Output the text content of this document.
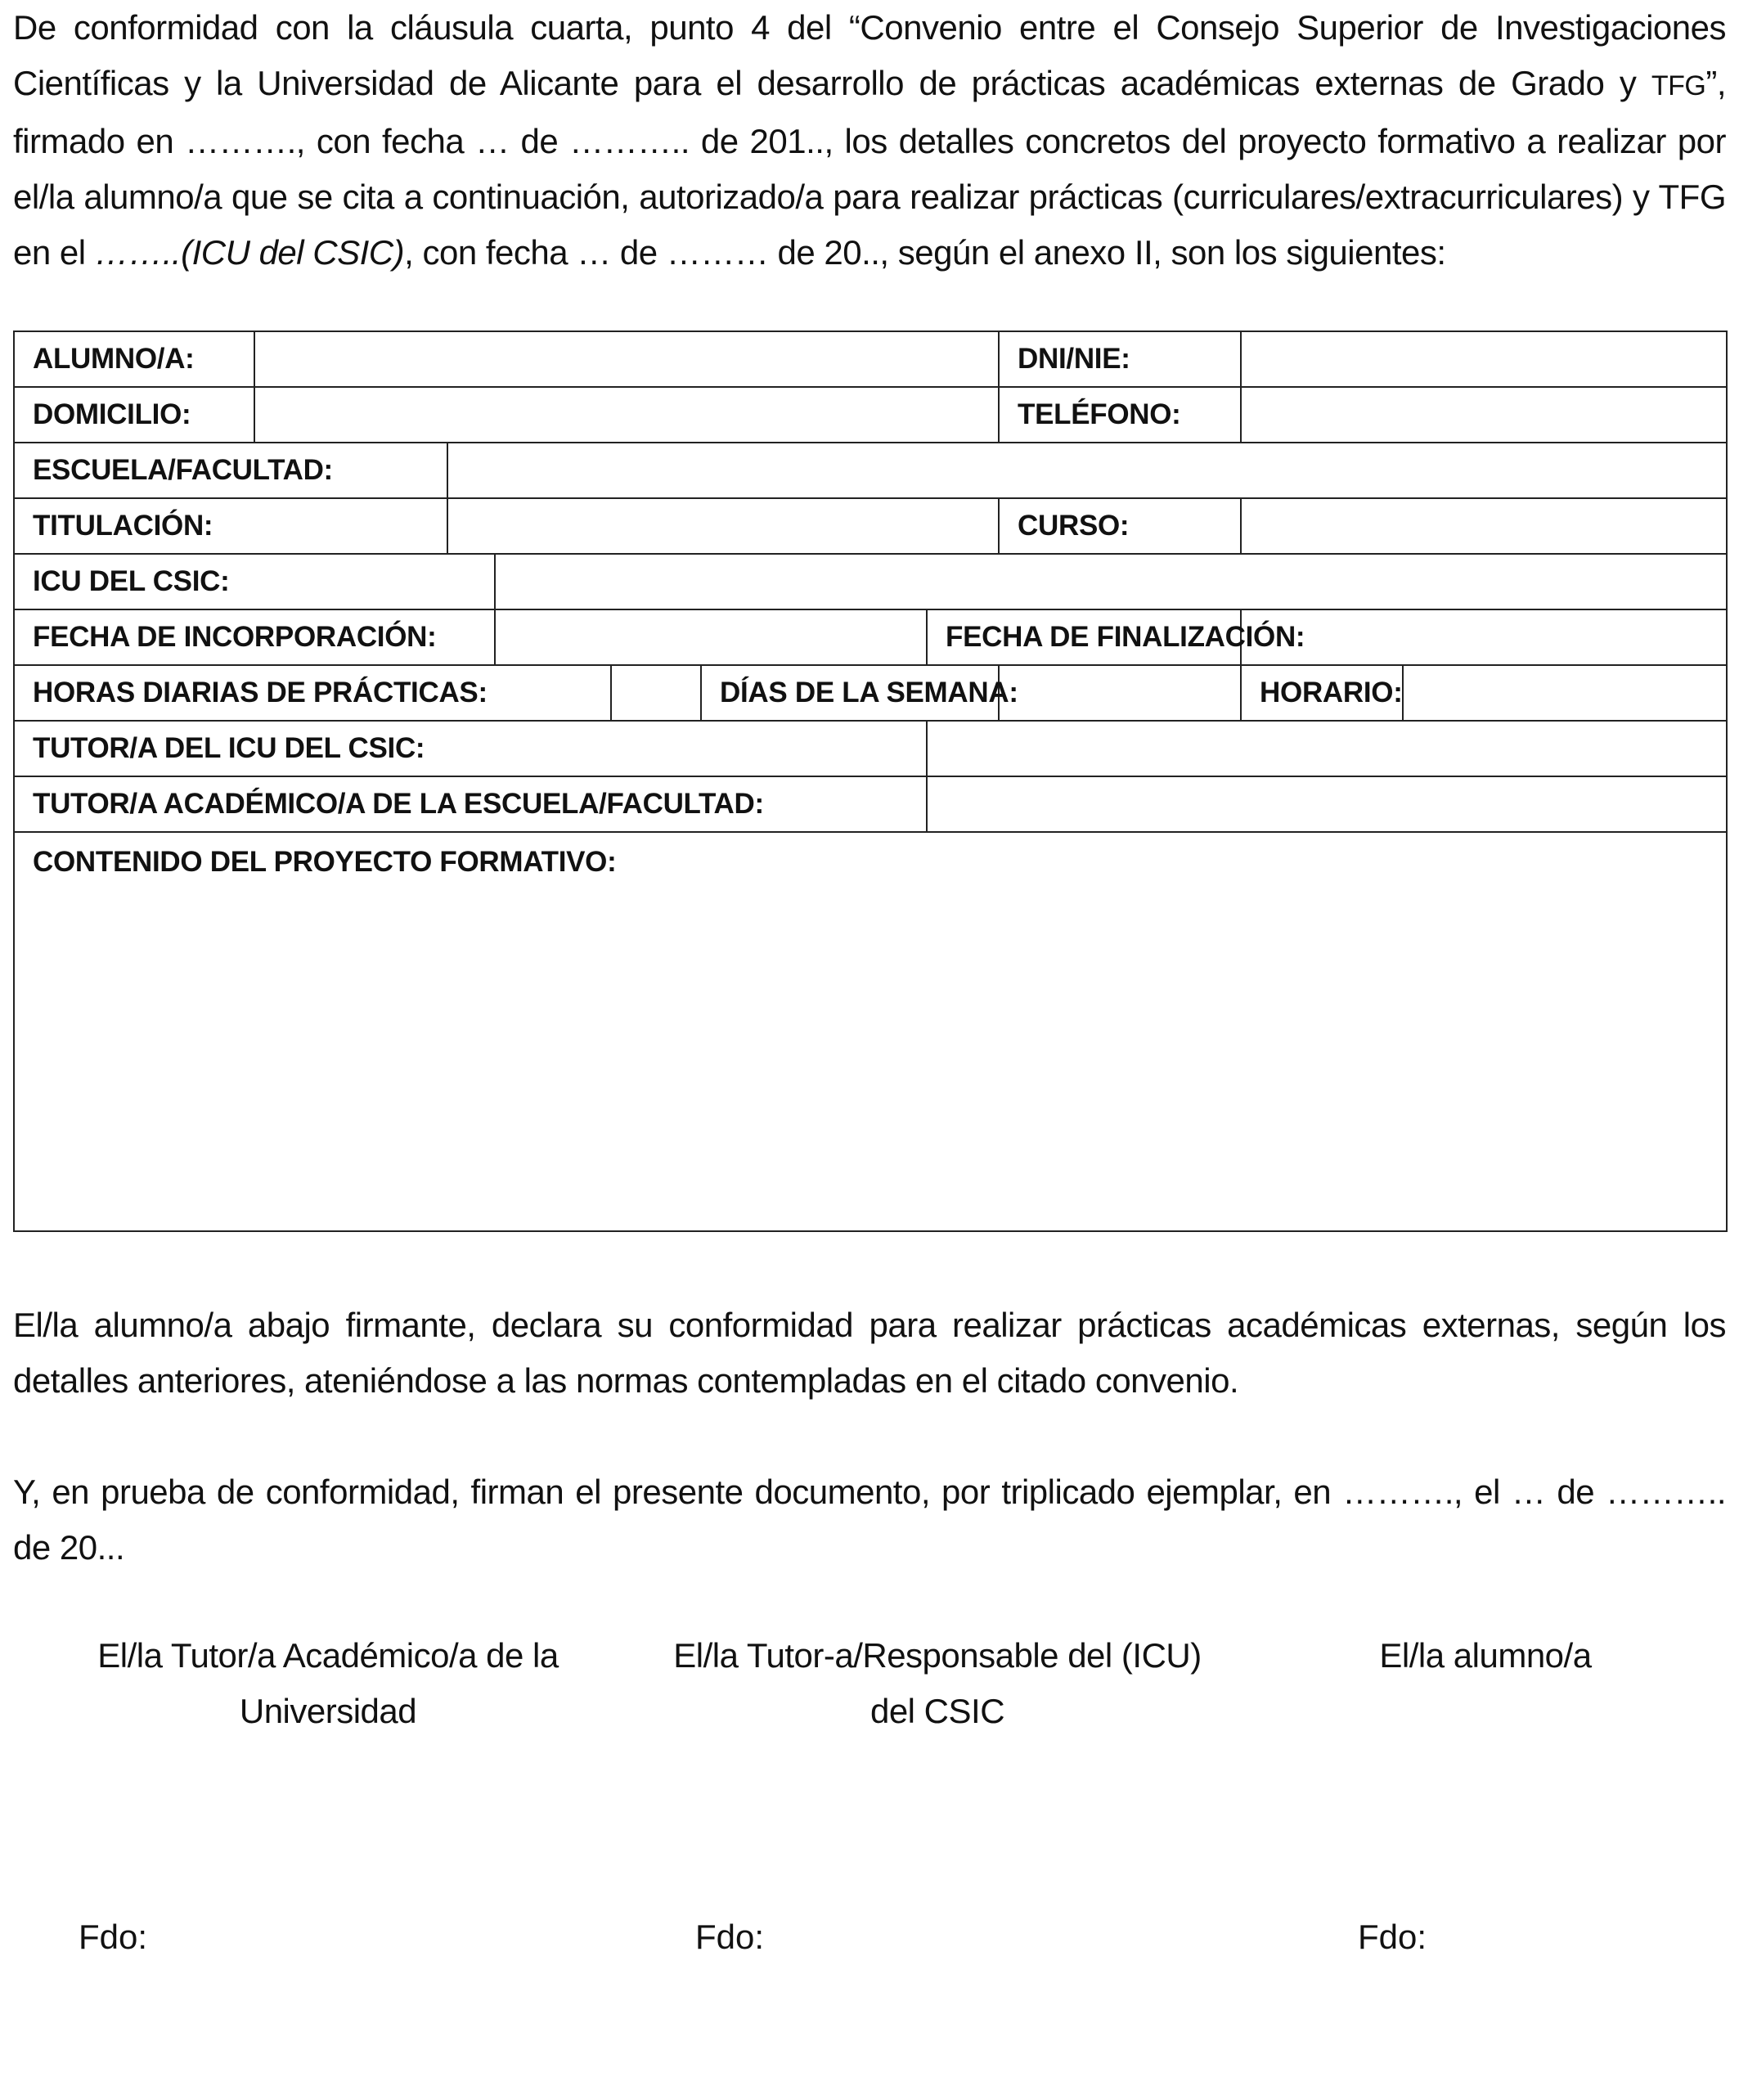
De conformidad con la cláusula cuarta, punto 4 del “Convenio entre el Consejo Superior de Investigaciones Científicas y la Universidad de Alicante para el desarrollo de prácticas académicas externas de Grado y TFG”, firmado en ………., con fecha … de ……….. de 201.., los detalles concretos del proyecto formativo a realizar por el/la alumno/a que se cita a continuación, autorizado/a para realizar prácticas (curriculares/extracurriculares) y TFG en el ……..(ICU del CSIC), con fecha … de ……… de 20.., según el anexo II, son los siguientes:

ALUMNO/A:							DNI/NIE:		
DOMICILIO:							TELÉFONO:		
ESCUELA/FACULTAD:									
TITULACIÓN:							CURSO:		
ICU DEL CSIC:									
FECHA DE INCORPORACIÓN:						FECHA DE FINALIZACIÓN:			
HORAS DIARIAS DE PRÁCTICAS:					DÍAS DE LA SEMANA:			HORARIO:	
TUTOR/A DEL ICU DEL CSIC:									
TUTOR/A ACADÉMICO/A DE LA ESCUELA/FACULTAD:									
CONTENIDO DEL PROYECTO FORMATIVO:									

El/la alumno/a abajo firmante, declara su conformidad para realizar prácticas académicas externas, según los detalles anteriores, ateniéndose a las normas contempladas en el citado convenio.

Y, en prueba de conformidad, firman el presente documento, por triplicado ejemplar, en ………., el … de ……….. de 20...

El/la Tutor/a Académico/a de la
Universidad
El/la Tutor-a/Responsable del (ICU)
del CSIC
El/la alumno/a
Fdo:	Fdo:	Fdo:
